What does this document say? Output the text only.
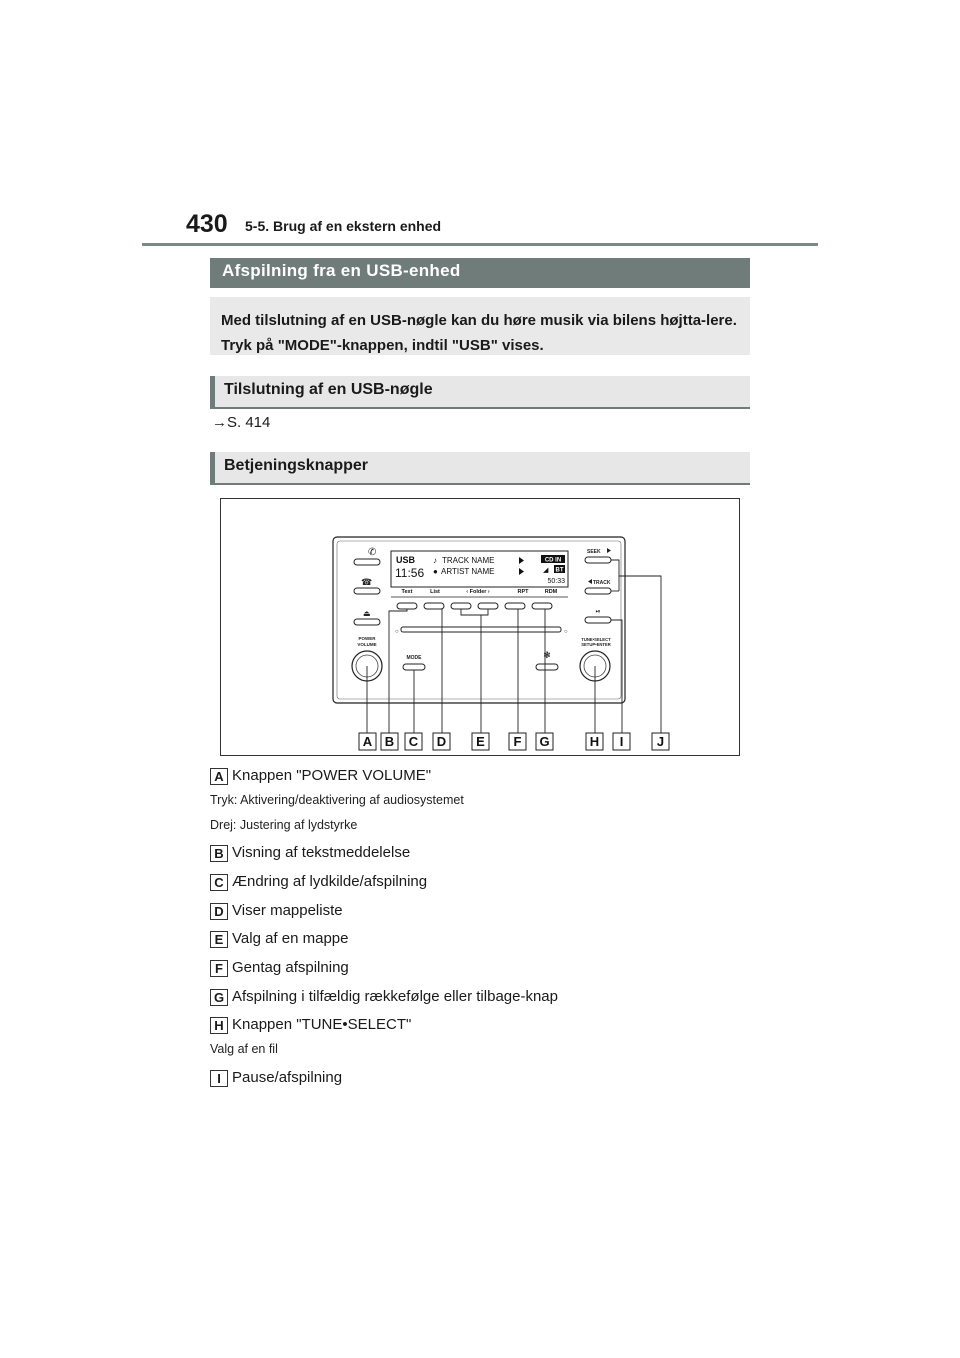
430 5-5. Brug af en ekstern enhed
Afspilning fra en USB-enhed

Med tilslutning af en USB-nøgle kan du høre musik via bilens højtta-lere. Tryk på "MODE"-knappen, indtil "USB" vises.

Tilslutning af en USB-nøgle
→S. 414
Betjeningsknapper
✆
☎
⏏
POWER
VOLUME
USB
11:56
♪ TRACK NAME
● ARTIST NAME
CD IN
◢ BT
50:33
Text	List	‹ Folder ›	RPT	RDM
○	○
MODE	❃
SEEK
TRACK
⏯
TUNE•SELECT
SETUP•ENTER
A B C D E F G	H I	J
A Knappen "POWER VOLUME"
Tryk: Aktivering/deaktivering af audiosystemet
Drej: Justering af lydstyrke
B Visning af tekstmeddelelse
C Ændring af lydkilde/afspilning
D Viser mappeliste
E Valg af en mappe
F Gentag afspilning
G Afspilning i tilfældig rækkefølge eller tilbage-knap
H Knappen "TUNE•SELECT"
Valg af en fil
I Pause/afspilning
